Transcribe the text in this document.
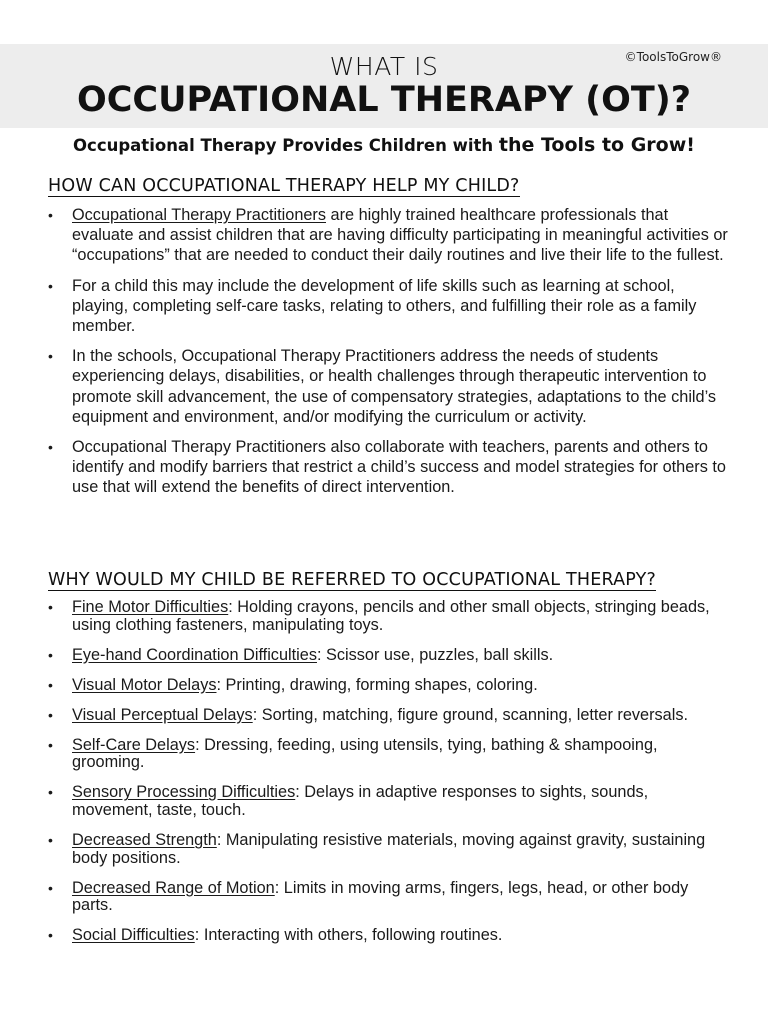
©ToolsToGrow®
WHAT IS
OCCUPATIONAL THERAPY (OT)?
Occupational Therapy Provides Children with the Tools to Grow!
HOW CAN OCCUPATIONAL THERAPY HELP MY CHILD?
• Occupational Therapy Practitioners are highly trained healthcare professionals that evaluate and assist children that are having difficulty participating in meaningful activities or “occupations” that are needed to conduct their daily routines and live their life to the fullest.
• For a child this may include the development of life skills such as learning at school, playing, completing self-care tasks, relating to others, and fulfilling their role as a family member.
• In the schools, Occupational Therapy Practitioners address the needs of students experiencing delays, disabilities, or health challenges through therapeutic intervention to promote skill advancement, the use of compensatory strategies, adaptations to the child’s equipment and environment, and/or modifying the curriculum or activity.
• Occupational Therapy Practitioners also collaborate with teachers, parents and others to identify and modify barriers that restrict a child’s success and model strategies for others to use that will extend the benefits of direct intervention.
WHY WOULD MY CHILD BE REFERRED TO OCCUPATIONAL THERAPY?
• Fine Motor Difficulties: Holding crayons, pencils and other small objects, stringing beads, using clothing fasteners, manipulating toys.
• Eye-hand Coordination Difficulties: Scissor use, puzzles, ball skills.
• Visual Motor Delays: Printing, drawing, forming shapes, coloring.
• Visual Perceptual Delays: Sorting, matching, figure ground, scanning, letter reversals.
• Self-Care Delays: Dressing, feeding, using utensils, tying, bathing & shampooing, grooming.
• Sensory Processing Difficulties: Delays in adaptive responses to sights, sounds, movement, taste, touch.
• Decreased Strength: Manipulating resistive materials, moving against gravity, sustaining body positions.
• Decreased Range of Motion: Limits in moving arms, fingers, legs, head, or other body parts.
• Social Difficulties: Interacting with others, following routines.
